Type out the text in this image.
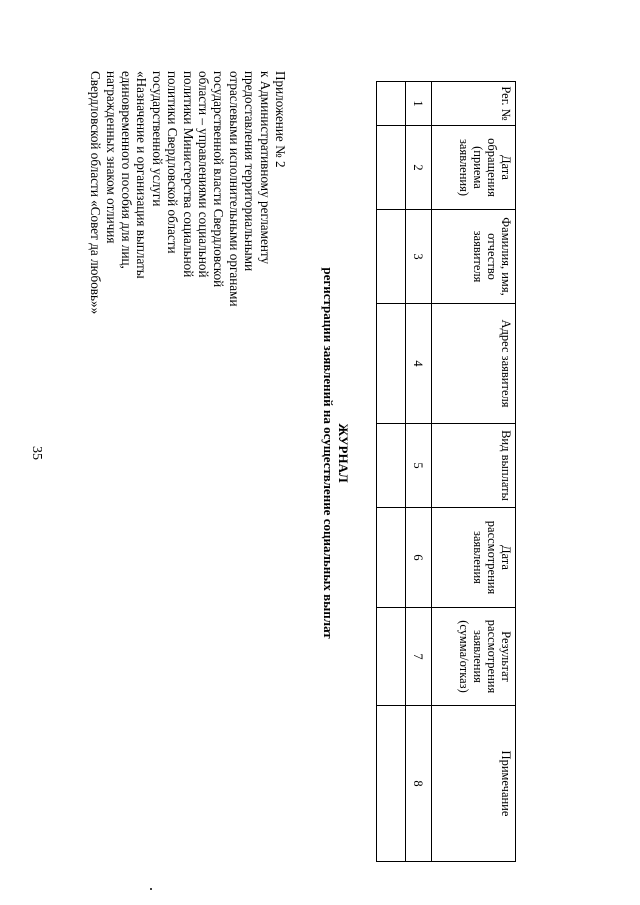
35
Приложение № 2
к Административному регламенту
предоставления территориальными
отраслевыми исполнительными органами
государственной власти Свердловской
области – управлениями социальной
политики Министерства социальной
политики Свердловской области
государственной услуги
«Назначение и организация выплаты
единовременного пособия для лиц,
награжденных знаком отличия
Свердловской области «Совет да любовь»»
ЖУРНАЛ
регистрации заявлений на осуществление социальных выплат
Рег. №	Дата обращения (приема заявления)	Фамилия, имя, отчество заявителя	Адрес заявителя	Вид выплаты	Дата рассмотрения заявления	Результат рассмотрения заявления (сумма/отказ)	Примечание
1	2	3	4	5	6	7	8
